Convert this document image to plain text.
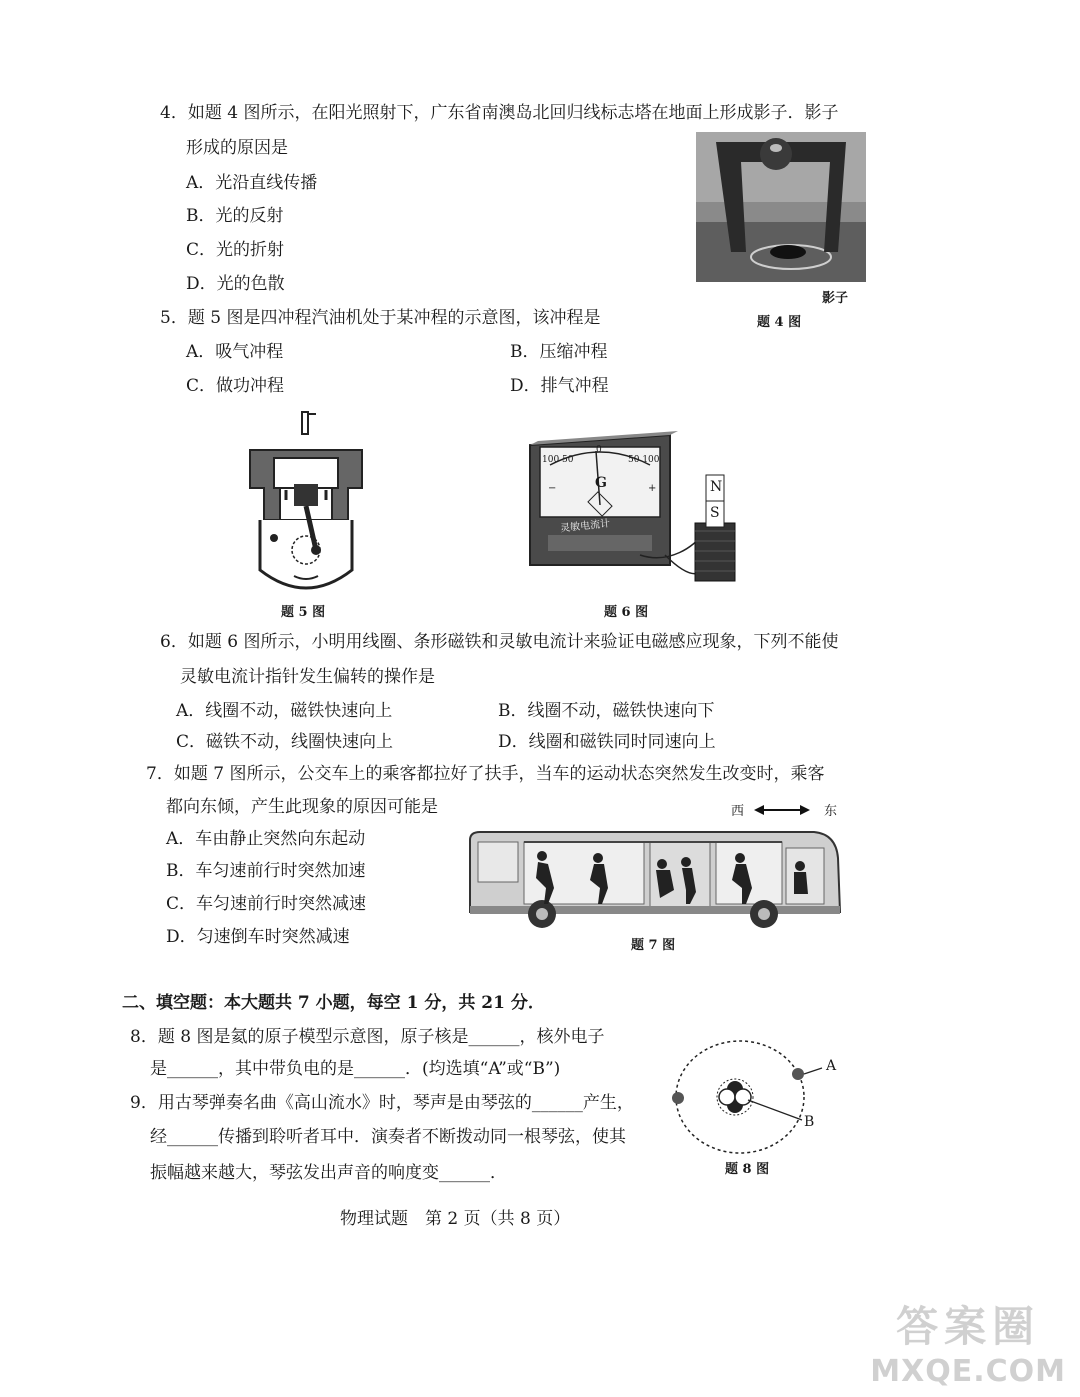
4．如题 4 图所示，在阳光照射下，广东省南澳岛北回归线标志塔在地面上形成影子．影子
形成的原因是
A．光沿直线传播
B．光的反射
C．光的折射
D．光的色散
影子
题 4 图
5．题 5 图是四冲程汽油机处于某冲程的示意图，该冲程是
A．吸气冲程	B．压缩冲程
C．做功冲程	D．排气冲程
题 5 图
100 50
0
50 100
G
−	+
灵敏电流计
N
S
题 6 图
6．如题 6 图所示，小明用线圈、条形磁铁和灵敏电流计来验证电磁感应现象，下列不能使
灵敏电流计指针发生偏转的操作是
A．线圈不动，磁铁快速向上	B．线圈不动，磁铁快速向下
C．磁铁不动，线圈快速向上	D．线圈和磁铁同时同速向上
7．如题 7 图所示，公交车上的乘客都拉好了扶手，当车的运动状态突然发生改变时，乘客
都向东倾，产生此现象的原因可能是
A．车由静止突然向东起动
B．车匀速前行时突然加速
C．车匀速前行时突然减速
D．匀速倒车时突然减速
西	东
题 7 图
二、填空题：本大题共 7 小题，每空 1 分，共 21 分．
8．题 8 图是氦的原子模型示意图，原子核是______，核外电子
是______，其中带负电的是______．(均选填“A”或“B”)
9．用古琴弹奏名曲《高山流水》时，琴声是由琴弦的______产生，
经______传播到聆听者耳中．演奏者不断拨动同一根琴弦，使其
振幅越来越大，琴弦发出声音的响度变______．
A
B
题 8 图
物理试题　第 2 页（共 8 页）
答案圈
MXQE.COM
